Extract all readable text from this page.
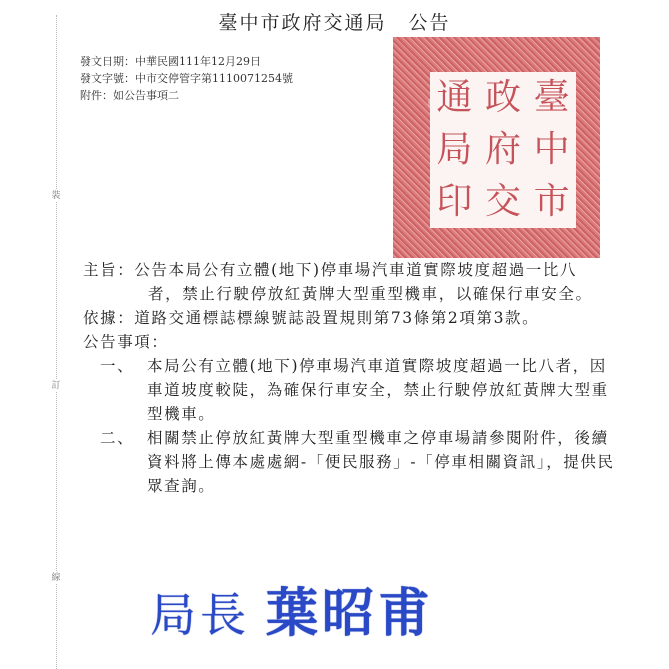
裝
訂
線
臺中市政府交通局 公告
發文日期：中華民國111年12月29日
發文字號：中市交停管字第1110071254號
附件：如公告事項二	臺
中
市
政
府
交
通
局
印
主旨： 公告本局公有立體(地下)停車場汽車道實際坡度超過一比八
者，禁止行駛停放紅黃牌大型重型機車，以確保行車安全。
依據： 道路交通標誌標線號誌設置規則第73條第2項第3款。
公告事項：
一、 本局公有立體(地下)停車場汽車道實際坡度超過一比八者，因車道坡度較陡，為確保行車安全，禁止行駛停放紅黃牌大型重型機車。
二、 相關禁止停放紅黃牌大型重型機車之停車場請參閱附件，後續資料將上傳本處處網-「便民服務」-「停車相關資訊」，提供民眾查詢。
局長 葉昭甫
